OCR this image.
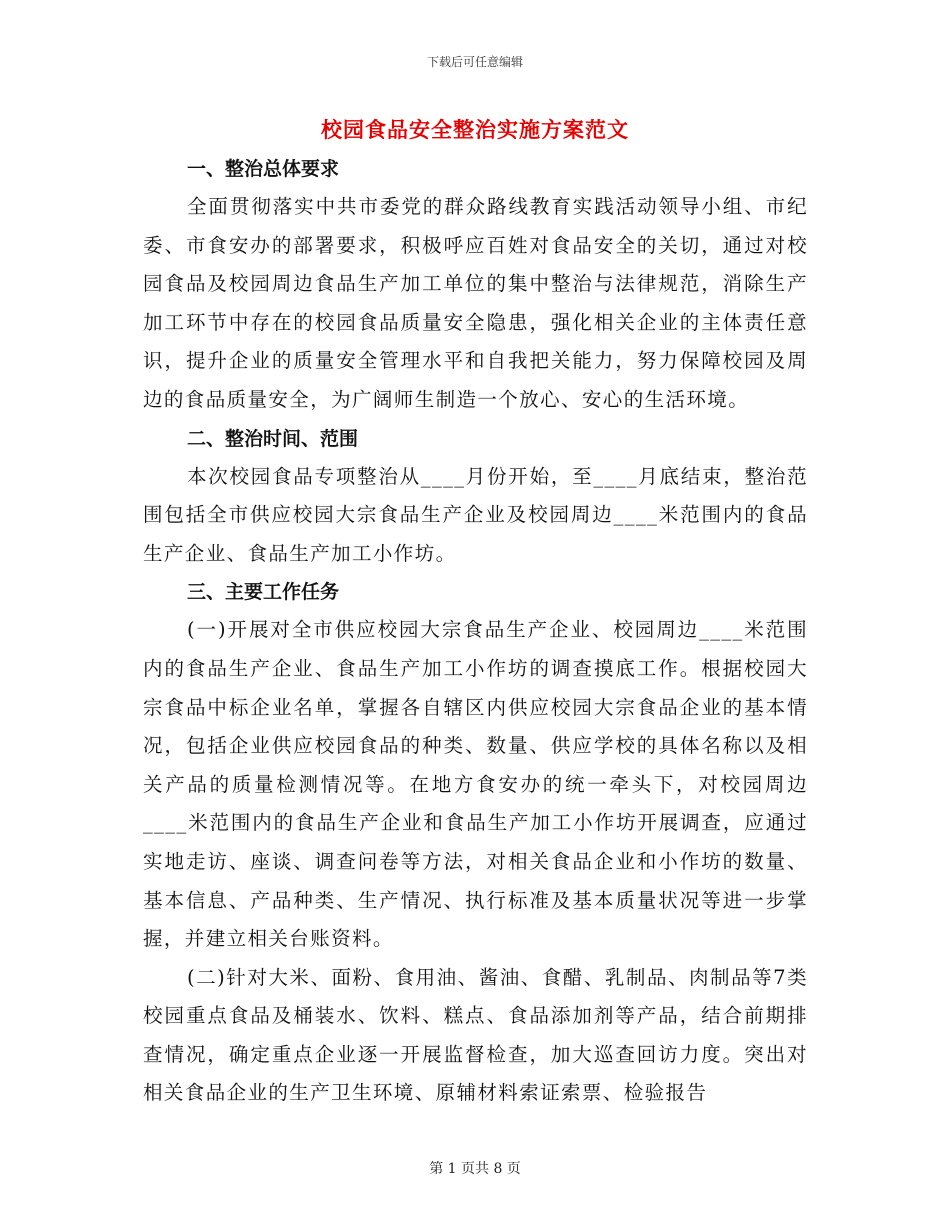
下载后可任意编辑
校园食品安全整治实施方案范文

一、整治总体要求

全面贯彻落实中共市委党的群众路线教育实践活动领导小组、市纪委、市食安办的部署要求，积极呼应百姓对食品安全的关切，通过对校园食品及校园周边食品生产加工单位的集中整治与法律规范，消除生产加工环节中存在的校园食品质量安全隐患，强化相关企业的主体责任意识，提升企业的质量安全管理水平和自我把关能力，努力保障校园及周边的食品质量安全，为广阔师生制造一个放心、安心的生活环境。

二、整治时间、范围

本次校园食品专项整治从____月份开始，至____月底结束，整治范围包括全市供应校园大宗食品生产企业及校园周边____米范围内的食品生产企业、食品生产加工小作坊。

三、主要工作任务

(一)开展对全市供应校园大宗食品生产企业、校园周边____米范围内的食品生产企业、食品生产加工小作坊的调查摸底工作。根据校园大宗食品中标企业名单，掌握各自辖区内供应校园大宗食品企业的基本情况，包括企业供应校园食品的种类、数量、供应学校的具体名称以及相关产品的质量检测情况等。在地方食安办的统一牵头下，对校园周边____米范围内的食品生产企业和食品生产加工小作坊开展调查，应通过实地走访、座谈、调查问卷等方法，对相关食品企业和小作坊的数量、基本信息、产品种类、生产情况、执行标准及基本质量状况等进一步掌握，并建立相关台账资料。

(二)针对大米、面粉、食用油、酱油、食醋、乳制品、肉制品等7类校园重点食品及桶装水、饮料、糕点、食品添加剂等产品，结合前期排查情况，确定重点企业逐一开展监督检查，加大巡查回访力度。突出对相关食品企业的生产卫生环境、原辅材料索证索票、检验报告

第 1 页共 8 页
